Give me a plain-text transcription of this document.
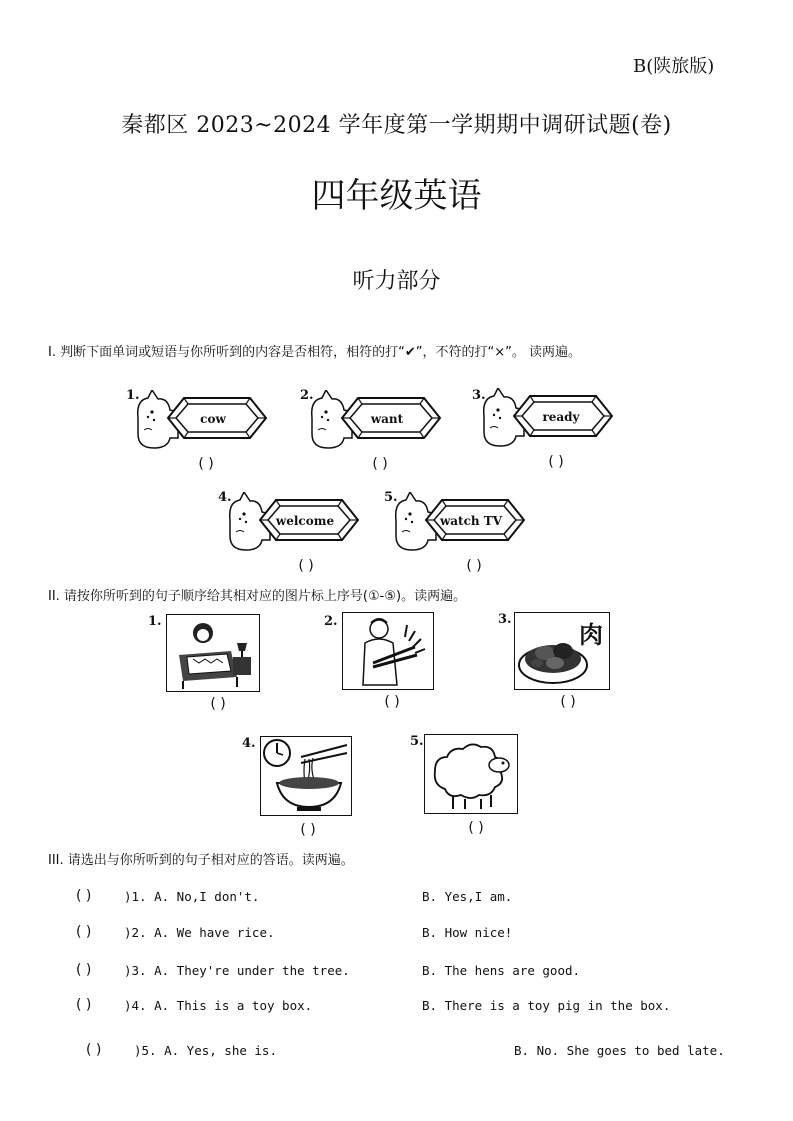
B(陕旅版)
秦都区 2023~2024 学年度第一学期期中调研试题(卷)
四年级英语
听力部分
I. 判断下面单词或短语与你所听到的内容是否相符，相符的打“✔”，不符的打“×”。 读两遍。
1.
cow
( )
2.
want
( )
3.
ready
( )
4.
welcome
( )
5.
watch TV
( )
II. 请按你所听到的句子顺序给其相对应的图片标上序号(①-⑤)。读两遍。
1.
( )
2.
( )
3.
肉
( )
4.
( )
5.
( )
III. 请选出与你所听到的句子相对应的答语。读两遍。
( )	)1. A. No,I don't.	B. Yes,I am.
( )	)2. A. We have rice.	B. How nice!
( )	)3. A. They're under the tree.	B. The hens are good.
( )	)4. A. This is a toy box.	B. There is a toy pig in the box.
( )	)5. A. Yes, she is.	B. No. She goes to bed late.
